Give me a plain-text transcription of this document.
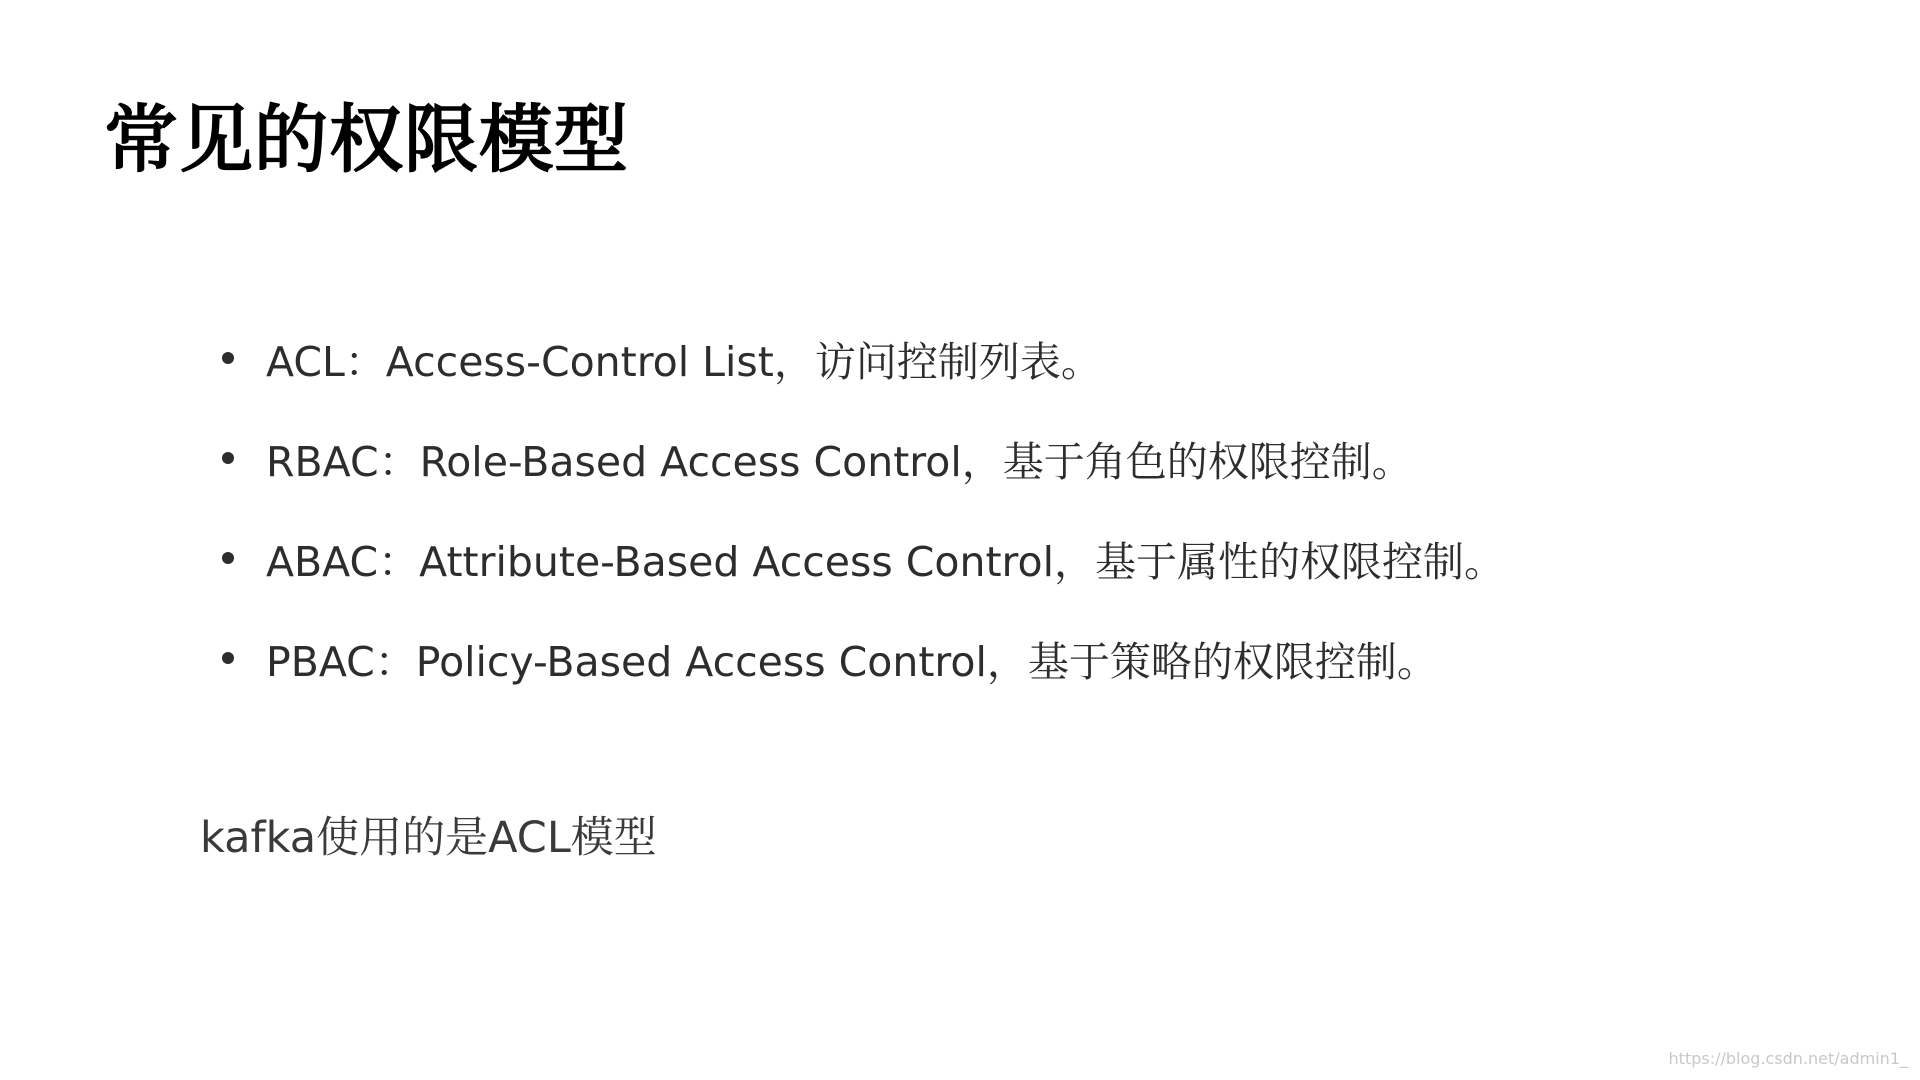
常见的权限模型
ACL：Access-Control List，访问控制列表。
RBAC：Role-Based Access Control，基于角色的权限控制。
ABAC：Attribute-Based Access Control，基于属性的权限控制。
PBAC：Policy-Based Access Control，基于策略的权限控制。

kafka使用的是ACL模型

https://blog.csdn.net/admin1_
